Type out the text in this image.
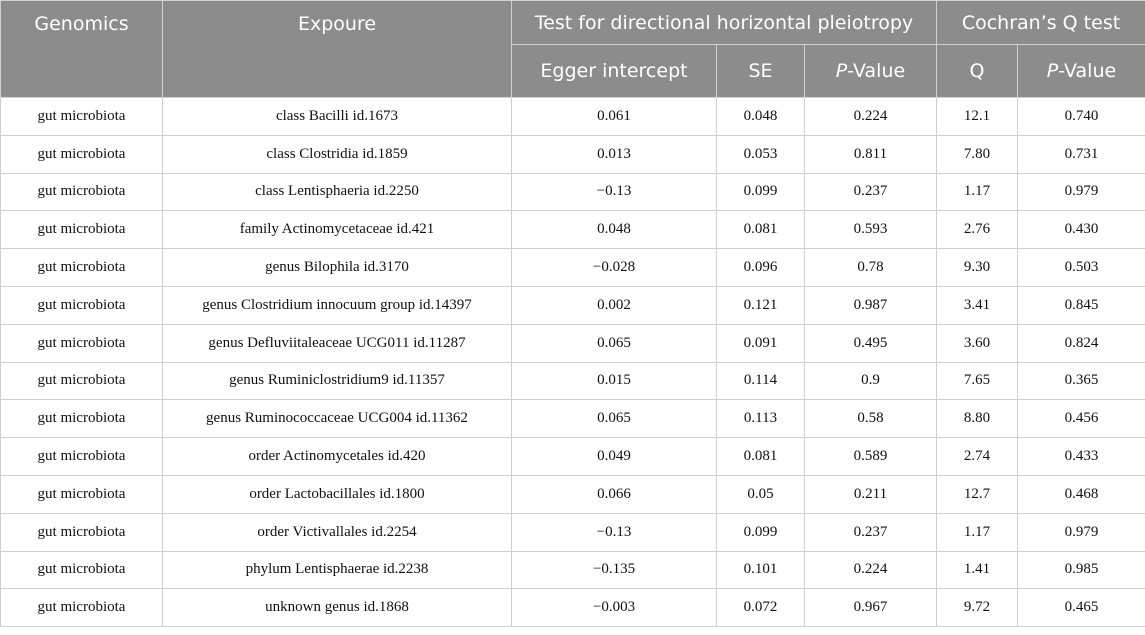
Genomics	Expoure	Test for directional horizontal pleiotropy			Cochran’s Q test	
		Egger intercept	SE	P-Value	Q	P-Value
gut microbiota	class Bacilli id.1673	0.061	0.048	0.224	12.1	0.740
gut microbiota	class Clostridia id.1859	0.013	0.053	0.811	7.80	0.731
gut microbiota	class Lentisphaeria id.2250	−0.13	0.099	0.237	1.17	0.979
gut microbiota	family Actinomycetaceae id.421	0.048	0.081	0.593	2.76	0.430
gut microbiota	genus Bilophila id.3170	−0.028	0.096	0.78	9.30	0.503
gut microbiota	genus Clostridium innocuum group id.14397	0.002	0.121	0.987	3.41	0.845
gut microbiota	genus Defluviitaleaceae UCG011 id.11287	0.065	0.091	0.495	3.60	0.824
gut microbiota	genus Ruminiclostridium9 id.11357	0.015	0.114	0.9	7.65	0.365
gut microbiota	genus Ruminococcaceae UCG004 id.11362	0.065	0.113	0.58	8.80	0.456
gut microbiota	order Actinomycetales id.420	0.049	0.081	0.589	2.74	0.433
gut microbiota	order Lactobacillales id.1800	0.066	0.05	0.211	12.7	0.468
gut microbiota	order Victivallales id.2254	−0.13	0.099	0.237	1.17	0.979
gut microbiota	phylum Lentisphaerae id.2238	−0.135	0.101	0.224	1.41	0.985
gut microbiota	unknown genus id.1868	−0.003	0.072	0.967	9.72	0.465
